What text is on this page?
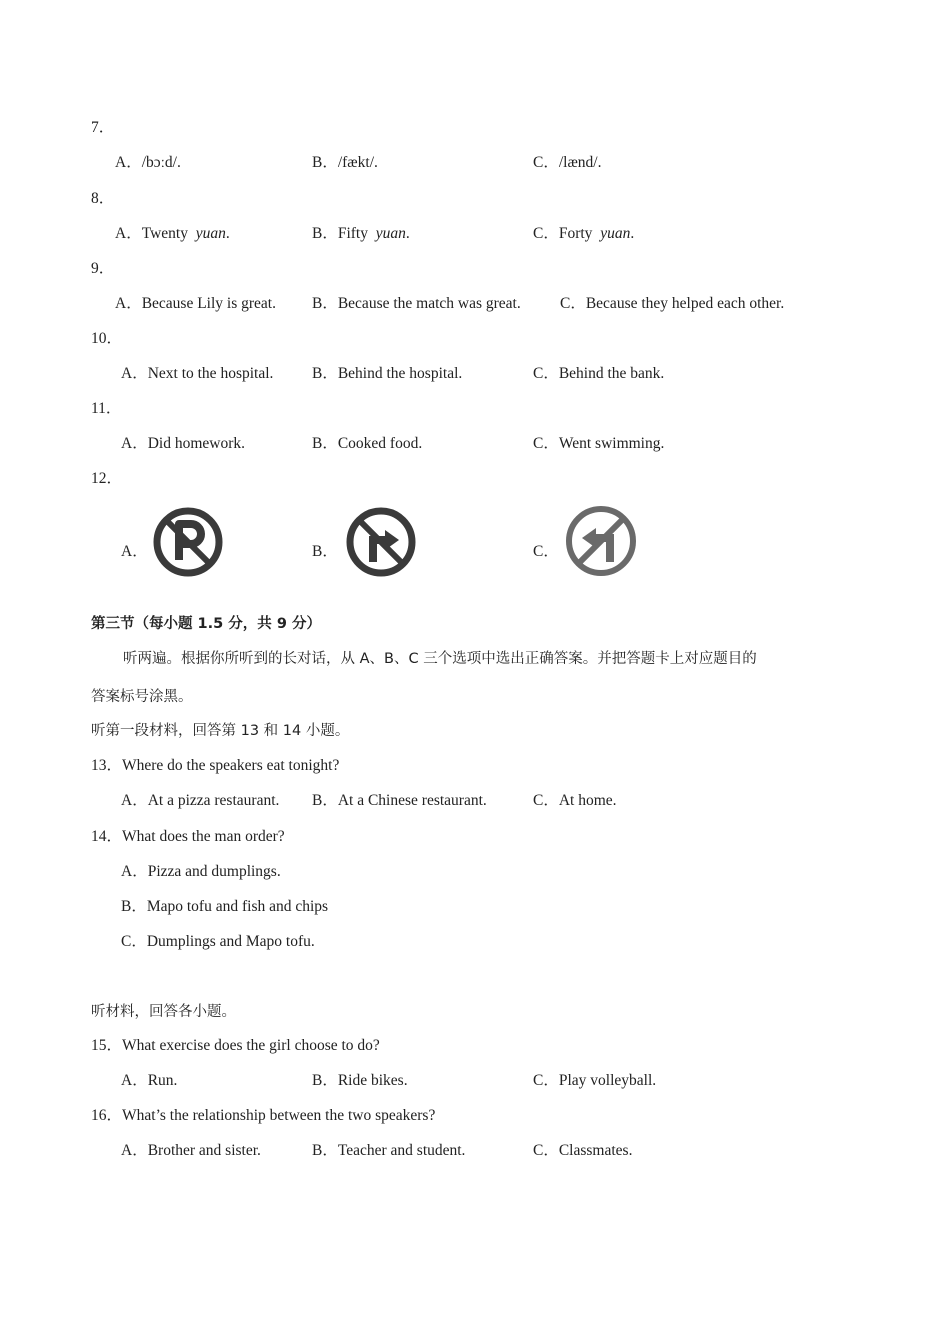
7．
A．/bɔːd/.	B．/fækt/.	C．/lænd/.
8．
A．Twenty yuan.	B．Fifty yuan.	C．Forty yuan.
9．
A．Because Lily is great. B．Because the match was great.	C．Because they helped each other.
10．
A．Next to the hospital. B．Behind the hospital.	C．Behind the bank.
11．
A．Did homework.	B．Cooked food.	C．Went swimming.
12．
A．	B．	C．
第三节（每小题 1.5 分，共 9 分）
听两遍。根据你所听到的长对话，从 A、B、C 三个选项中选出正确答案。并把答题卡上对应题目的
答案标号涂黑。
听第一段材料，回答第 13 和 14 小题。
13．Where do the speakers eat tonight?
A．At a pizza restaurant. B．At a Chinese restaurant.	C．At home.
14．What does the man order?
A．Pizza and dumplings.
B．Mapo tofu and fish and chips
C．Dumplings and Mapo tofu.
听材料，回答各小题。
15．What exercise does the girl choose to do?
A．Run.	B．Ride bikes.	C．Play volleyball.
16．What’s the relationship between the two speakers?
A．Brother and sister.	B．Teacher and student.	C．Classmates.
